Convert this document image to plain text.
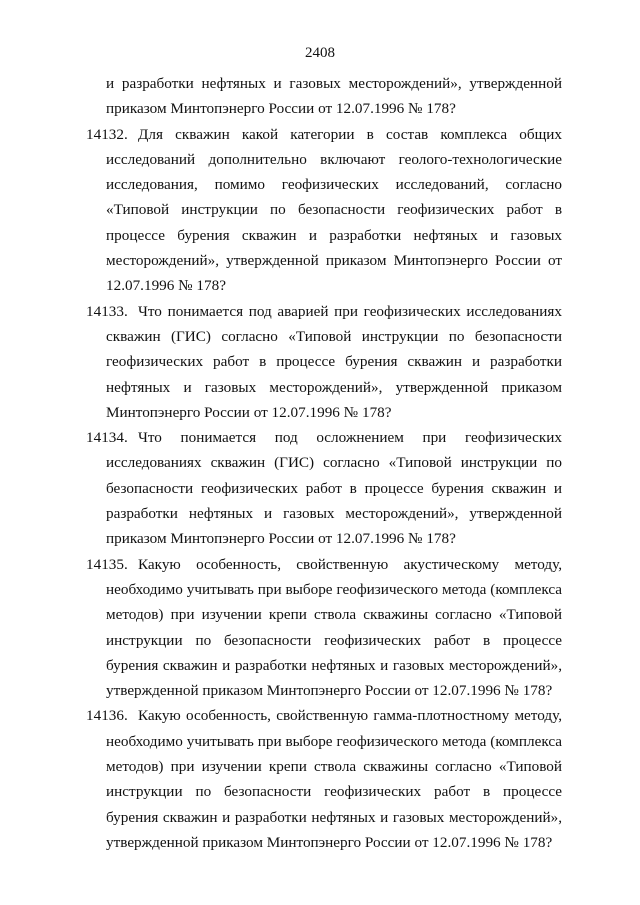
2408
и разработки нефтяных и газовых месторождений», утвержденной приказом Минтопэнерго России от 12.07.1996 № 178?
14132. Для скважин какой категории в состав комплекса общих исследований дополнительно включают геолого-технологические исследования, помимо геофизических исследований, согласно «Типовой инструкции по безопасности геофизических работ в процессе бурения скважин и разработки нефтяных и газовых месторождений», утвержденной приказом Минтопэнерго России от 12.07.1996 № 178?
14133. Что понимается под аварией при геофизических исследованиях скважин (ГИС) согласно «Типовой инструкции по безопасности геофизических работ в процессе бурения скважин и разработки нефтяных и газовых месторождений», утвержденной приказом Минтопэнерго России от 12.07.1996 № 178?
14134. Что понимается под осложнением при геофизических исследованиях скважин (ГИС) согласно «Типовой инструкции по безопасности геофизических работ в процессе бурения скважин и разработки нефтяных и газовых месторождений», утвержденной приказом Минтопэнерго России от 12.07.1996 № 178?
14135. Какую особенность, свойственную акустическому методу, необходимо учитывать при выборе геофизического метода (комплекса методов) при изучении крепи ствола скважины согласно «Типовой инструкции по безопасности геофизических работ в процессе бурения скважин и разработки нефтяных и газовых месторождений», утвержденной приказом Минтопэнерго России от 12.07.1996 № 178?
14136. Какую особенность, свойственную гамма-плотностному методу, необходимо учитывать при выборе геофизического метода (комплекса методов) при изучении крепи ствола скважины согласно «Типовой инструкции по безопасности геофизических работ в процессе бурения скважин и разработки нефтяных и газовых месторождений», утвержденной приказом Минтопэнерго России от 12.07.1996 № 178?
